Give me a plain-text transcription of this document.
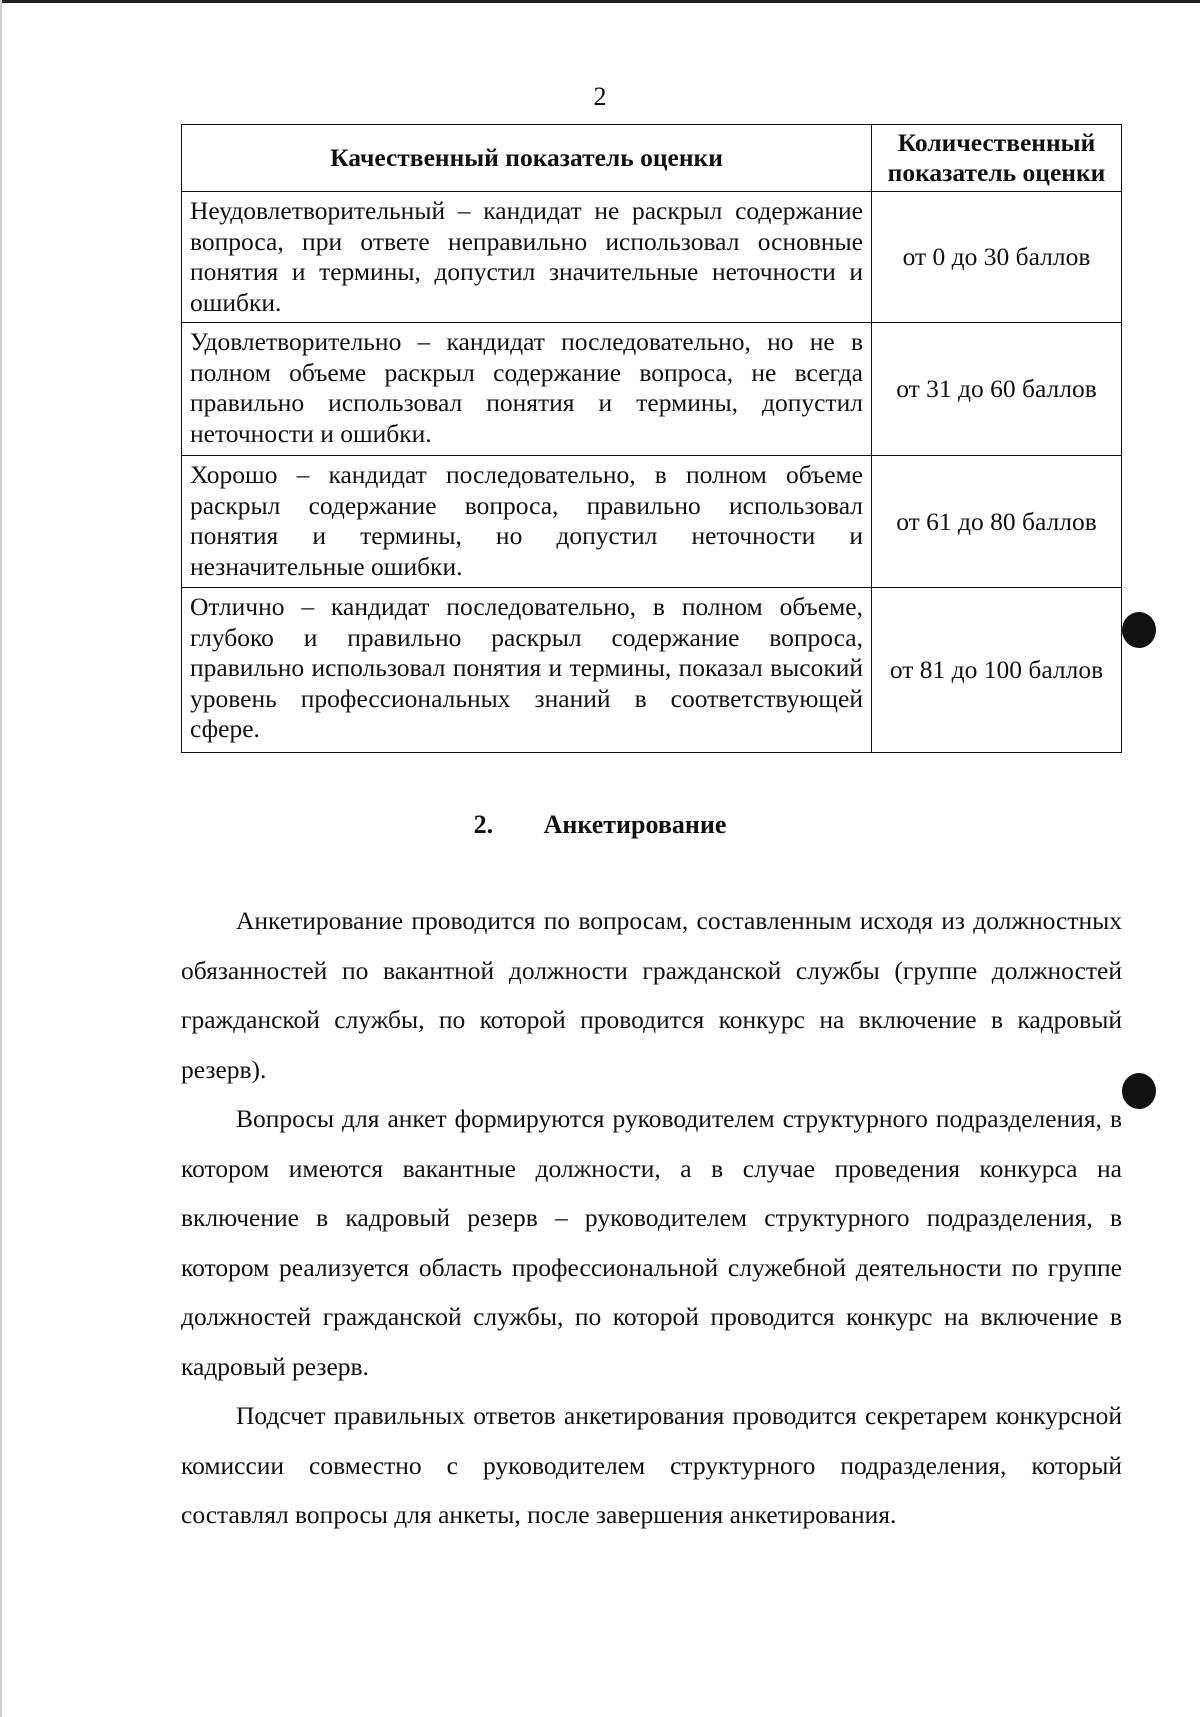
2
Качественный показатель оценки	Количественный показатель оценки
Неудовлетворительный – кандидат не раскрыл содержание вопроса, при ответе неправильно использовал основные понятия и термины, допустил значительные неточности и ошибки.	от 0 до 30 баллов
Удовлетворительно – кандидат последовательно, но не в полном объеме раскрыл содержание вопроса, не всегда правильно использовал понятия и термины, допустил неточности и ошибки.	от 31 до 60 баллов
Хорошо – кандидат последовательно, в полном объеме раскрыл содержание вопроса, правильно использовал понятия и термины, но допустил неточности и незначительные ошибки.	от 61 до 80 баллов
Отлично – кандидат последовательно, в полном объеме, глубоко и правильно раскрыл содержание вопроса, правильно использовал понятия и термины, показал высокий уровень профессиональных знаний в соответствующей сфере.	от 81 до 100 баллов
2. Анкетирование

Анкетирование проводится по вопросам, составленным исходя из должностных обязанностей по вакантной должности гражданской службы (группе должностей гражданской службы, по которой проводится конкурс на включение в кадровый резерв).

Вопросы для анкет формируются руководителем структурного подразделения, в котором имеются вакантные должности, а в случае проведения конкурса на включение в кадровый резерв – руководителем структурного подразделения, в котором реализуется область профессиональной служебной деятельности по группе должностей гражданской службы, по которой проводится конкурс на включение в кадровый резерв.

Подсчет правильных ответов анкетирования проводится секретарем конкурсной комиссии совместно с руководителем структурного подразделения, который составлял вопросы для анкеты, после завершения анкетирования.
